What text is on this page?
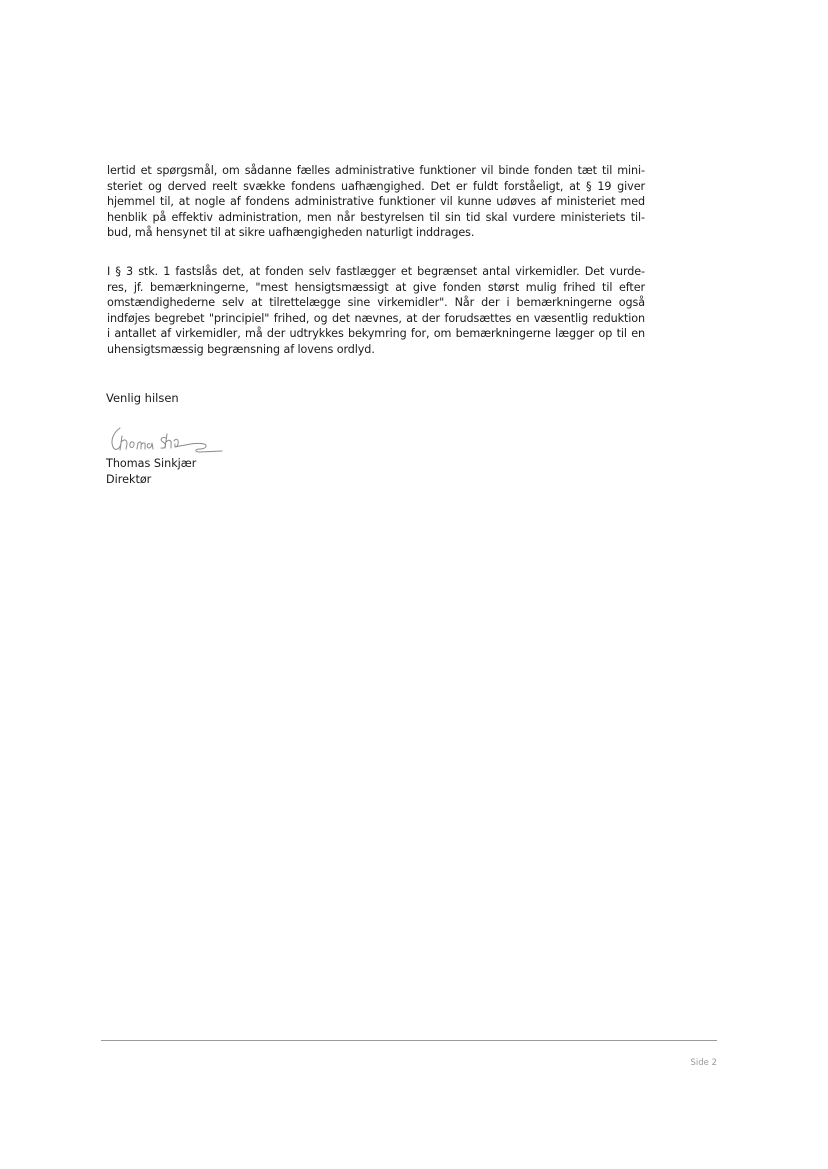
lertid et spørgsmål, om sådanne fælles administrative funktioner vil binde fonden tæt til mini-
steriet og derved reelt svække fondens uafhængighed. Det er fuldt forståeligt, at § 19 giver
hjemmel til, at nogle af fondens administrative funktioner vil kunne udøves af ministeriet med
henblik på effektiv administration, men når bestyrelsen til sin tid skal vurdere ministeriets til-
bud, må hensynet til at sikre uafhængigheden naturligt inddrages.
I § 3 stk. 1 fastslås det, at fonden selv fastlægger et begrænset antal virkemidler. Det vurde-
res, jf. bemærkningerne, "mest hensigtsmæssigt at give fonden størst mulig frihed til efter
omstændighederne selv at tilrettelægge sine virkemidler". Når der i bemærkningerne også
indføjes begrebet "principiel" frihed, og det nævnes, at der forudsættes en væsentlig reduktion
i antallet af virkemidler, må der udtrykkes bekymring for, om bemærkningerne lægger op til en
uhensigtsmæssig begrænsning af lovens ordlyd.

Venlig hilsen

Thomas Sinkjær

Direktør

Side 2
